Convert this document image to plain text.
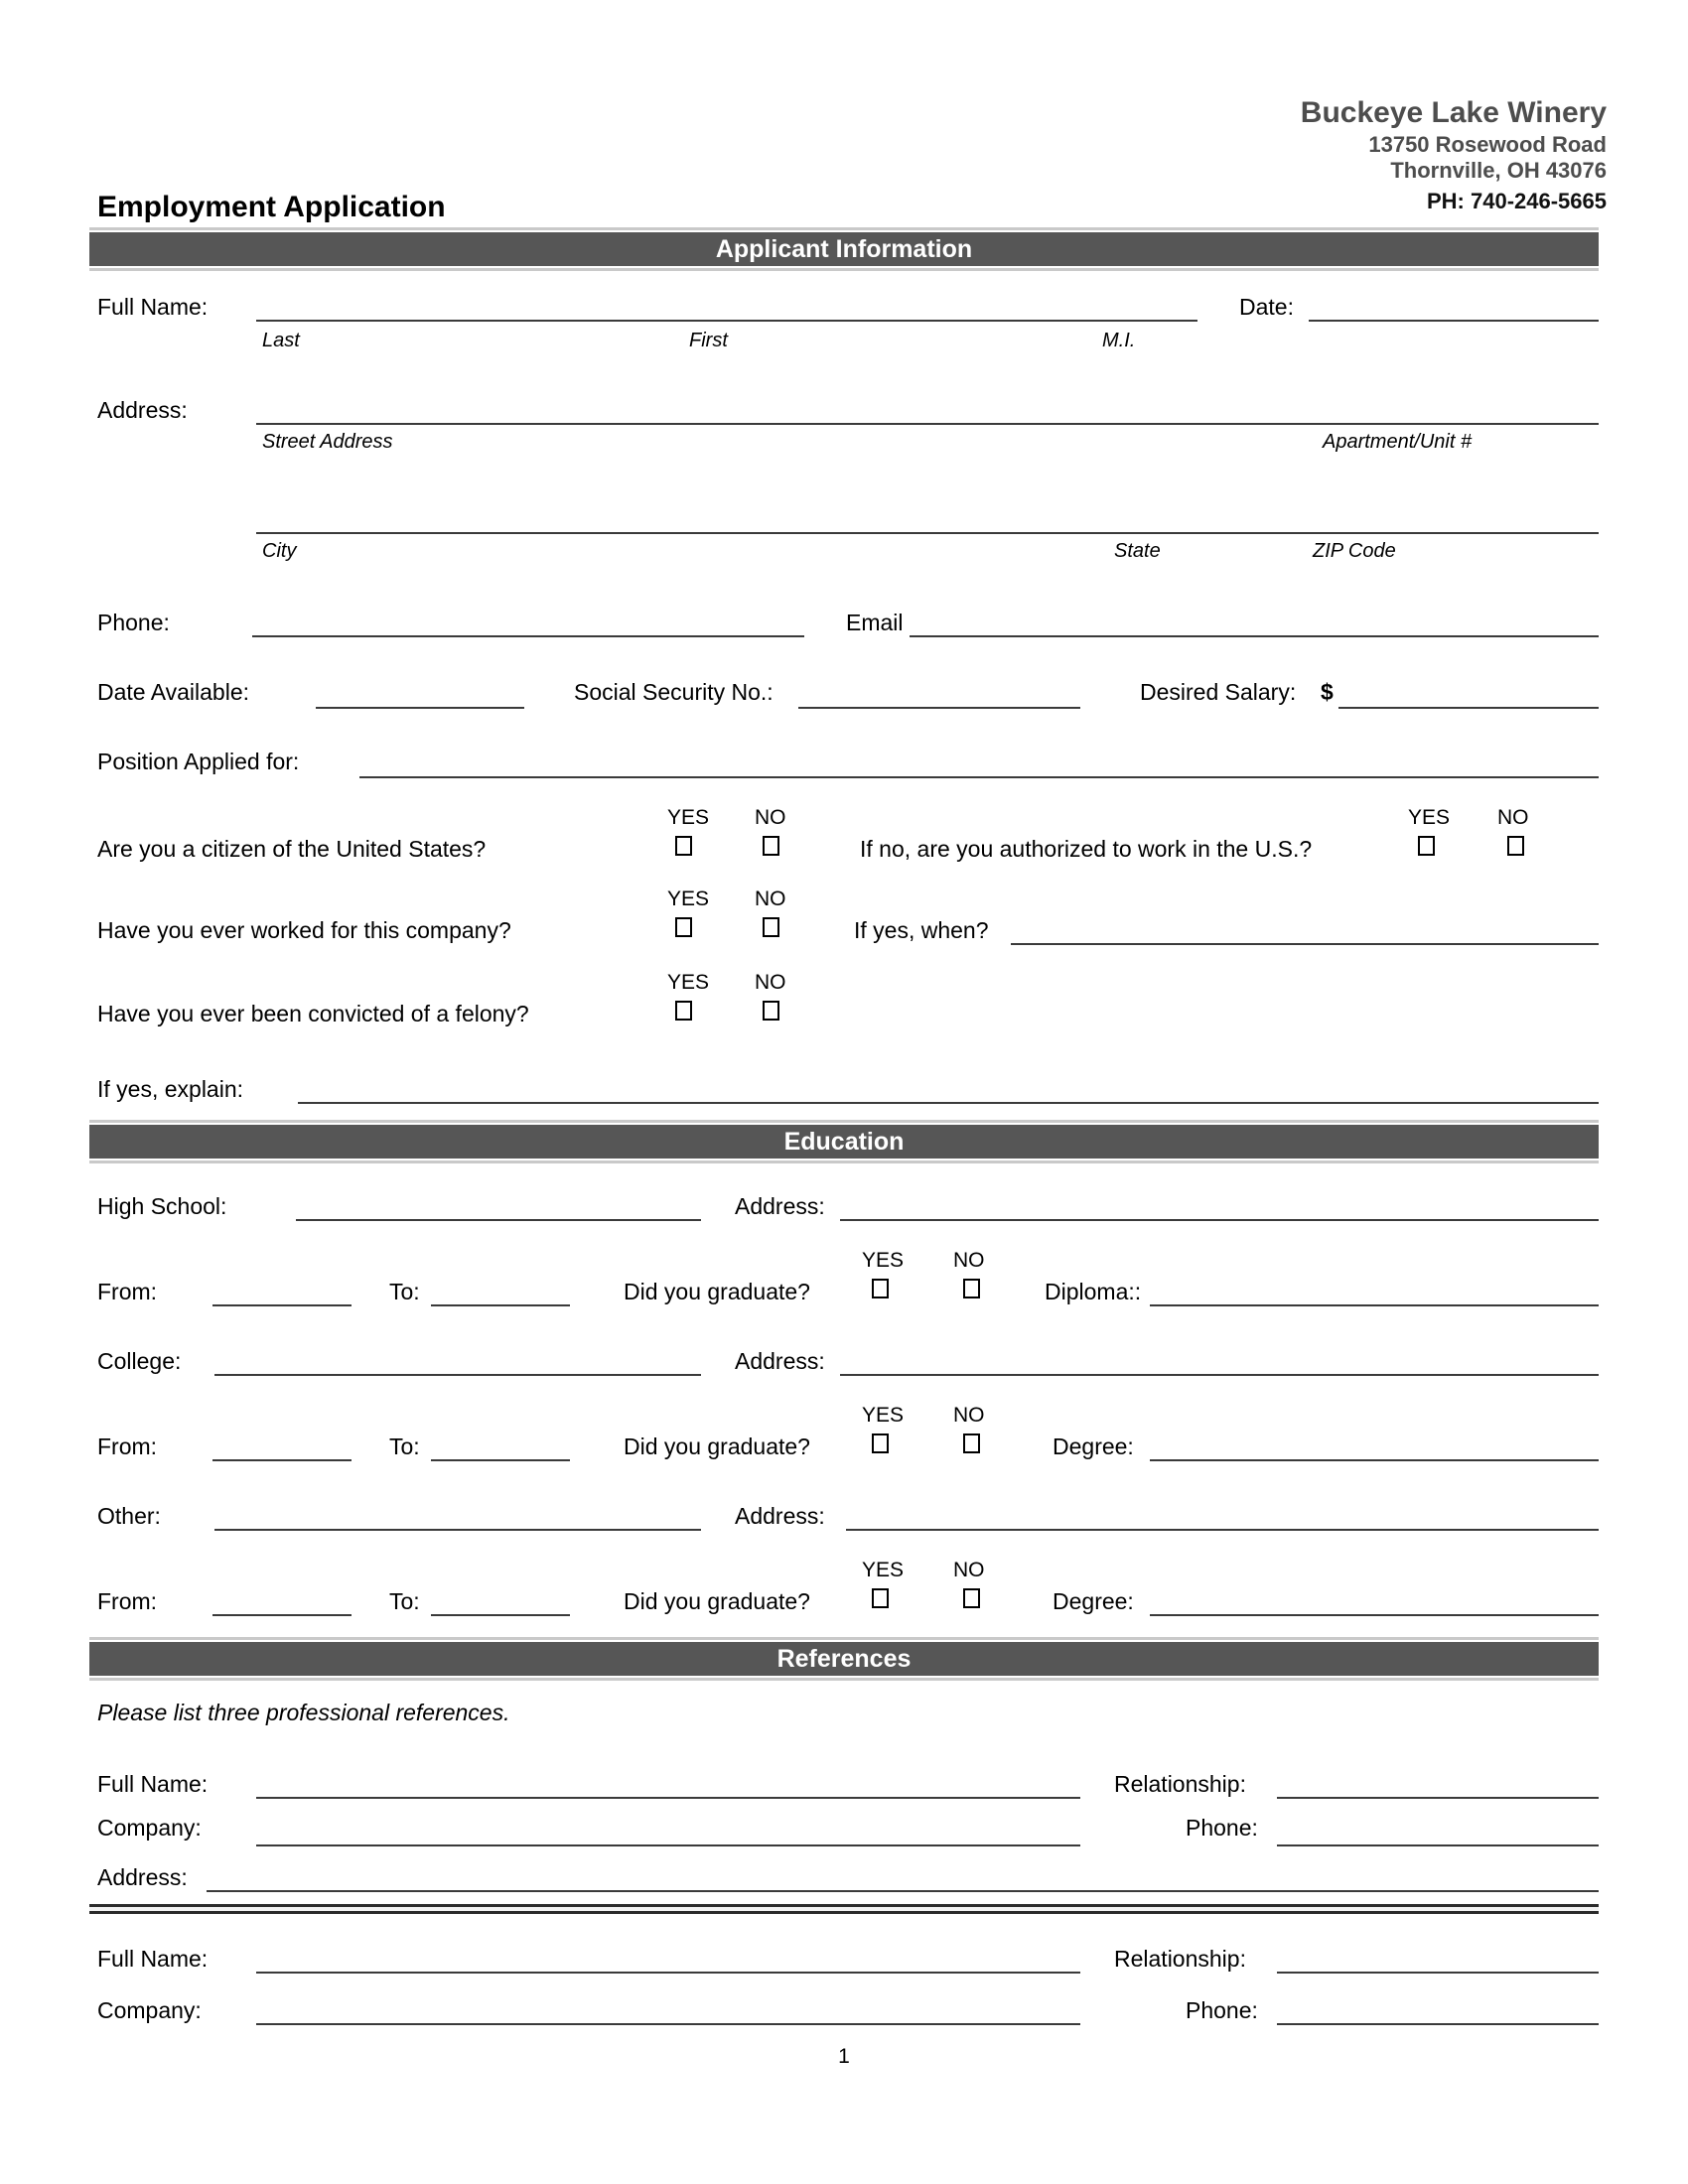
Buckeye Lake Winery
13750 Rosewood Road
Thornville, OH 43076
PH: 740-246-5665
Employment Application
Applicant Information
Full Name:
Last	First	M.I.
Date:
Address:
Street Address	Apartment/Unit #
City	State	ZIP Code
Phone:	Email
Date Available:	Social Security No.:	Desired Salary: $
Position Applied for:
YES NO
Are you a citizen of the United States?	If no, are you authorized to work in the U.S.?
YES NO
YES NO
Have you ever worked for this company?	If yes, when?
YES NO
Have you ever been convicted of a felony?
If yes, explain:
Education
High School:	Address:
YES NO
From:	To:	Did you graduate?	Diploma::
College:	Address:
YES NO
From:	To:	Did you graduate?	Degree:
Other:	Address:
YES NO
From:	To:	Did you graduate?	Degree:
References
Please list three professional references.
Full Name:	Relationship:
Company:	Phone:
Address:
Full Name:	Relationship:
Company:	Phone:
1
